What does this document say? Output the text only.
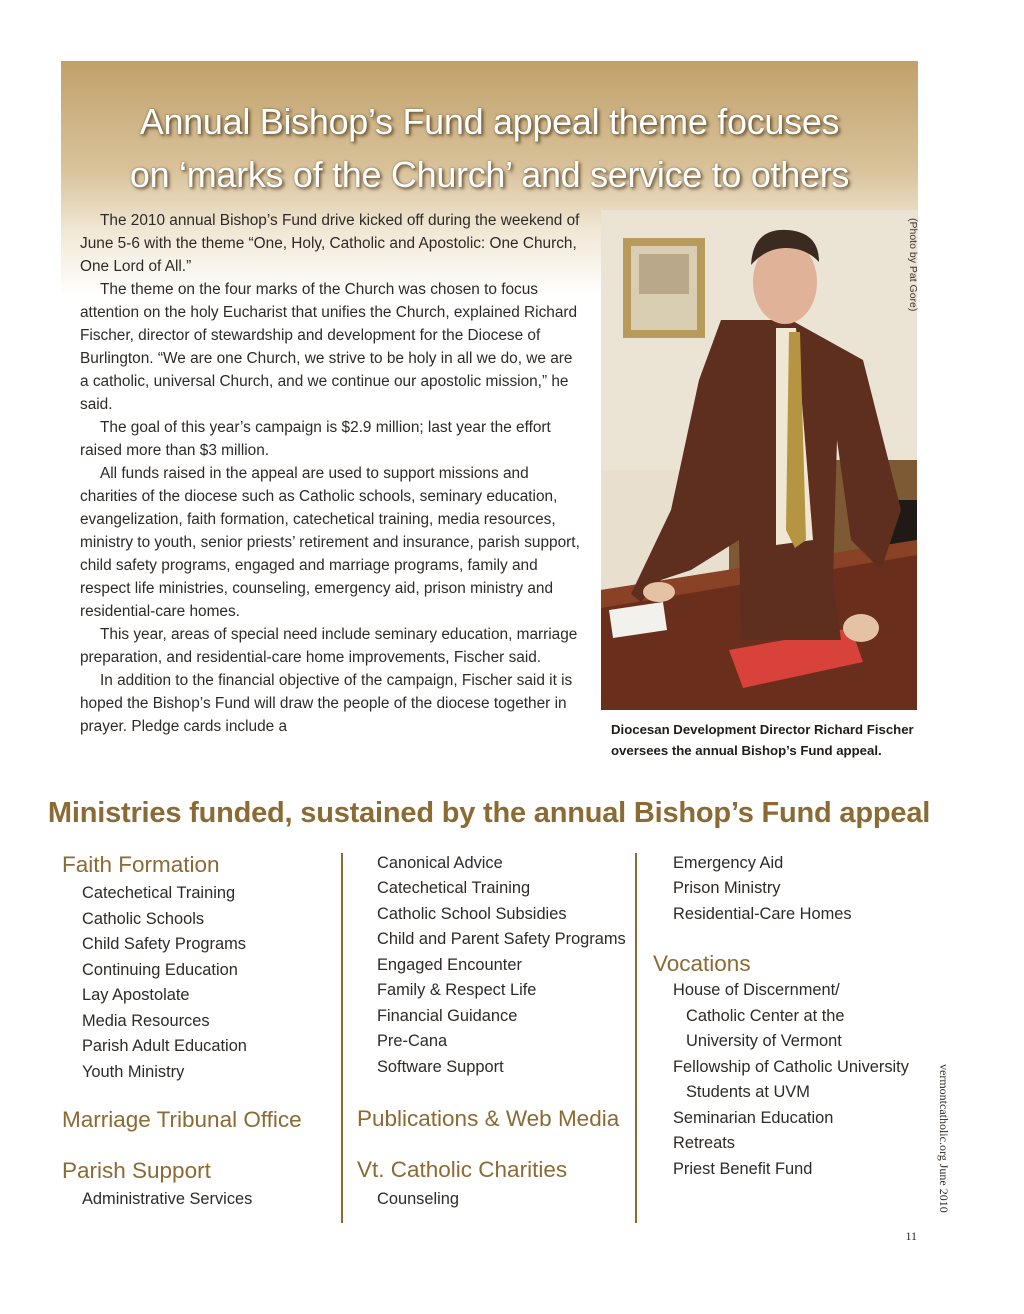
Annual Bishop’s Fund appeal theme focuses
on ‘marks of the Church’ and service to others

The 2010 annual Bishop’s Fund drive kicked off during the weekend of June 5-6 with the theme “One, Holy, Catholic and Apostolic: One Church, One Lord of All.”

The theme on the four marks of the Church was chosen to focus attention on the holy Eucharist that unifies the Church, explained Richard Fischer, director of stewardship and development for the Diocese of Burlington. “We are one Church, we strive to be holy in all we do, we are a catholic, universal Church, and we continue our apostolic mission,” he said.

The goal of this year’s campaign is $2.9 million; last year the effort raised more than $3 million.

All funds raised in the appeal are used to support missions and charities of the diocese such as Catholic schools, seminary education, evangelization, faith formation, catechetical training, media resources, ministry to youth, senior priests’ retirement and insurance, parish support, child safety programs, engaged and marriage programs, family and respect life ministries, counseling, emergency aid, prison ministry and residential-care homes.

This year, areas of special need include seminary education, marriage preparation, and residential-care home improvements, Fischer said.

In addition to the financial objective of the campaign, Fischer said it is hoped the Bishop’s Fund will draw the people of the diocese together in prayer. Pledge cards include a

(Photo by Pat Gore)
Diocesan Development Director Richard Fischer
oversees the annual Bishop’s Fund appeal.
Ministries funded, sustained by the annual Bishop’s Fund appeal
Faith Formation
Catechetical Training
Catholic Schools
Child Safety Programs
Continuing Education
Lay Apostolate
Media Resources
Parish Adult Education
Youth Ministry
Marriage Tribunal Office
Parish Support
Administrative Services
Canonical Advice
Catechetical Training
Catholic School Subsidies
Child and Parent Safety Programs
Engaged Encounter
Family & Respect Life
Financial Guidance
Pre-Cana
Software Support
Publications & Web Media
Vt. Catholic Charities
Counseling
Emergency Aid
Prison Ministry
Residential-Care Homes
Vocations
House of Discernment/
Catholic Center at the
University of Vermont
Fellowship of Catholic University
Students at UVM
Seminarian Education
Retreats
Priest Benefit Fund	vermontcatholic.org June 2010
11
